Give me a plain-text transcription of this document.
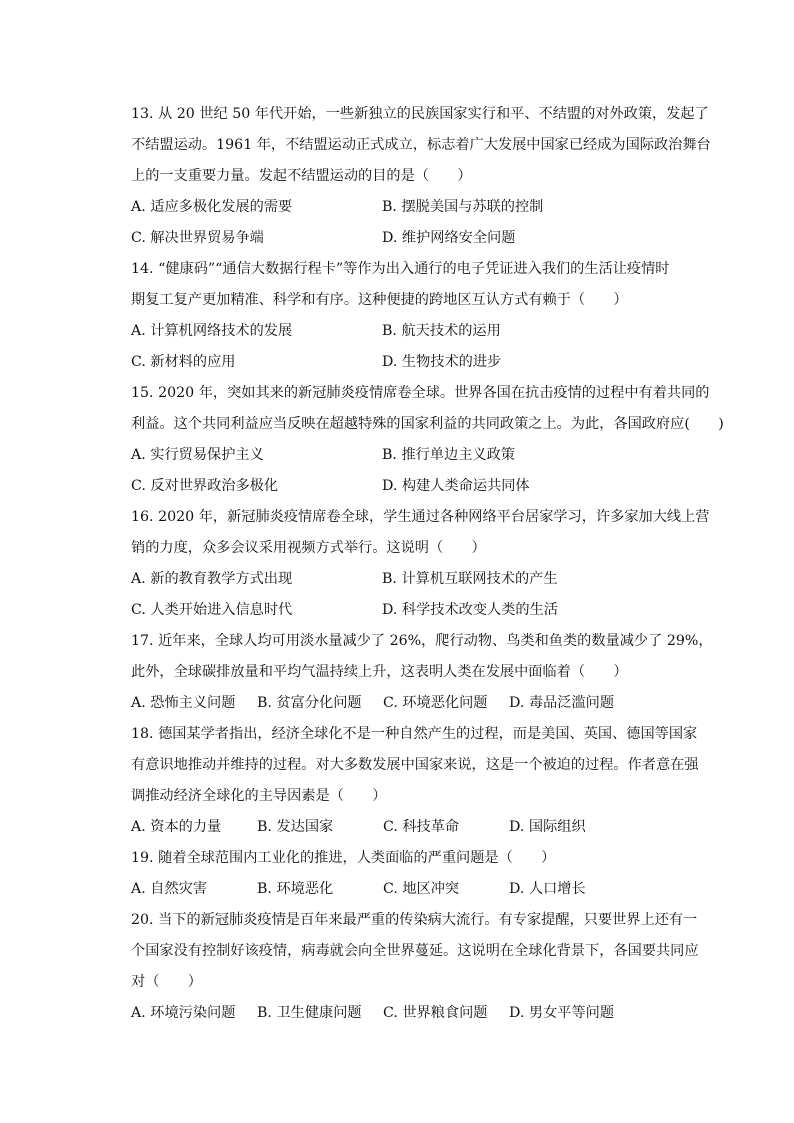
13. 从 20 世纪 50 年代开始，一些新独立的民族国家实行和平、不结盟的对外政策，发起了
不结盟运动。1961 年，不结盟运动正式成立，标志着广大发展中国家已经成为国际政治舞台
上的一支重要力量。发起不结盟运动的目的是（　　）
A. 适应多极化发展的需要	B. 摆脱美国与苏联的控制
C. 解决世界贸易争端	D. 维护网络安全问题
14. “健康码”“通信大数据行程卡”等作为出入通行的电子凭证进入我们的生活让疫情时
期复工复产更加精准、科学和有序。这种便捷的跨地区互认方式有赖于（　　）
A. 计算机网络技术的发展	B. 航天技术的运用
C. 新材料的应用	D. 生物技术的进步
15. 2020 年，突如其来的新冠肺炎疫情席卷全球。世界各国在抗击疫情的过程中有着共同的
利益。这个共同利益应当反映在超越特殊的国家利益的共同政策之上。为此，各国政府应(　　)
A. 实行贸易保护主义	B. 推行单边主义政策
C. 反对世界政治多极化	D. 构建人类命运共同体
16. 2020 年，新冠肺炎疫情席卷全球，学生通过各种网络平台居家学习，许多家加大线上营
销的力度，众多会议采用视频方式举行。这说明（　　）
A. 新的教育教学方式出现	B. 计算机互联网技术的产生
C. 人类开始进入信息时代	D. 科学技术改变人类的生活
17. 近年来，全球人均可用淡水量减少了 26%，爬行动物、鸟类和鱼类的数量减少了 29%，
此外，全球碳排放量和平均气温持续上升，这表明人类在发展中面临着（　　）
A. 恐怖主义问题	B. 贫富分化问题	C. 环境恶化问题	D. 毒品泛滥问题
18. 德国某学者指出，经济全球化不是一种自然产生的过程，而是美国、英国、德国等国家
有意识地推动并维持的过程。对大多数发展中国家来说，这是一个被迫的过程。作者意在强
调推动经济全球化的主导因素是（　　）
A. 资本的力量	B. 发达国家	C. 科技革命	D. 国际组织
19. 随着全球范围内工业化的推进，人类面临的严重问题是（　　）
A. 自然灾害	B. 环境恶化	C. 地区冲突	D. 人口增长
20. 当下的新冠肺炎疫情是百年来最严重的传染病大流行。有专家提醒，只要世界上还有一
个国家没有控制好该疫情，病毒就会向全世界蔓延。这说明在全球化背景下，各国要共同应
对（　　）
A. 环境污染问题	B. 卫生健康问题	C. 世界粮食问题	D. 男女平等问题
